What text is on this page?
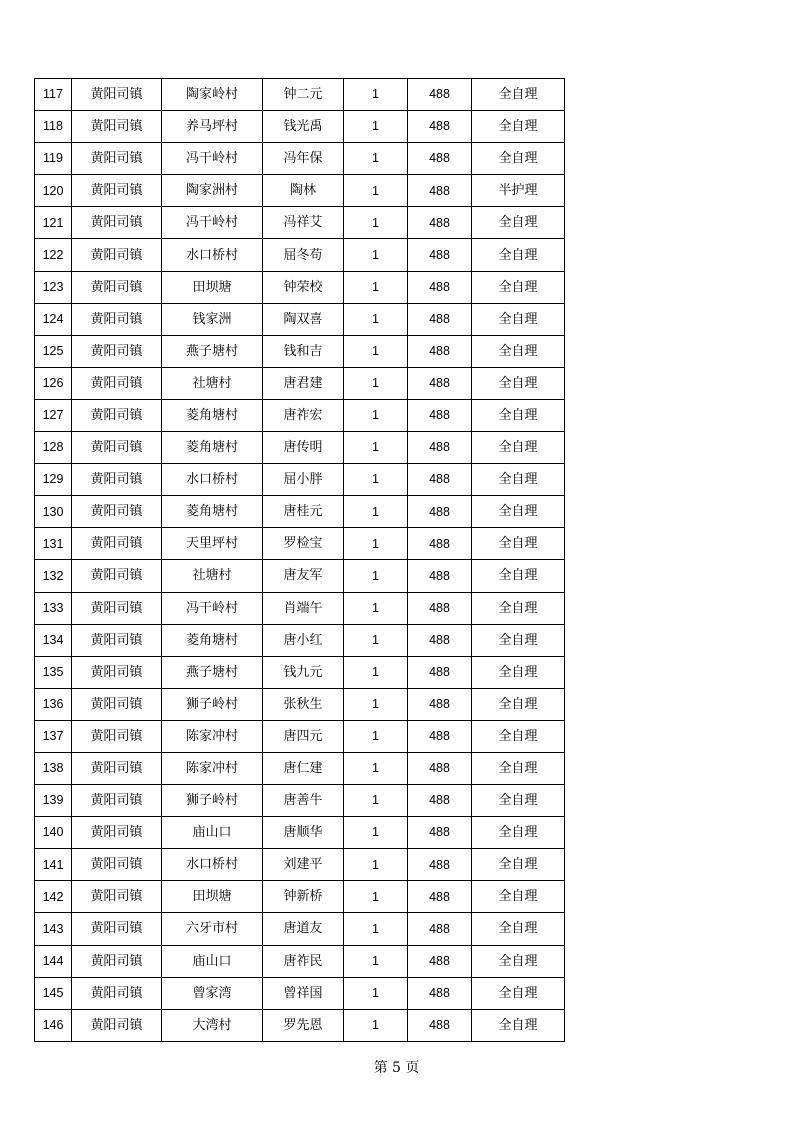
117	黄阳司镇	陶家岭村	钟二元	1	488	全自理
118	黄阳司镇	养马坪村	钱光禹	1	488	全自理
119	黄阳司镇	冯干岭村	冯年保	1	488	全自理
120	黄阳司镇	陶家洲村	陶林	1	488	半护理
121	黄阳司镇	冯干岭村	冯祥艾	1	488	全自理
122	黄阳司镇	水口桥村	屈冬苟	1	488	全自理
123	黄阳司镇	田坝塘	钟荣校	1	488	全自理
124	黄阳司镇	钱家洲	陶双喜	1	488	全自理
125	黄阳司镇	燕子塘村	钱和吉	1	488	全自理
126	黄阳司镇	社塘村	唐君建	1	488	全自理
127	黄阳司镇	菱角塘村	唐祚宏	1	488	全自理
128	黄阳司镇	菱角塘村	唐传明	1	488	全自理
129	黄阳司镇	水口桥村	屈小胖	1	488	全自理
130	黄阳司镇	菱角塘村	唐桂元	1	488	全自理
131	黄阳司镇	天里坪村	罗检宝	1	488	全自理
132	黄阳司镇	社塘村	唐友军	1	488	全自理
133	黄阳司镇	冯干岭村	肖端午	1	488	全自理
134	黄阳司镇	菱角塘村	唐小红	1	488	全自理
135	黄阳司镇	燕子塘村	钱九元	1	488	全自理
136	黄阳司镇	狮子岭村	张秋生	1	488	全自理
137	黄阳司镇	陈家冲村	唐四元	1	488	全自理
138	黄阳司镇	陈家冲村	唐仁建	1	488	全自理
139	黄阳司镇	狮子岭村	唐善牛	1	488	全自理
140	黄阳司镇	庙山口	唐顺华	1	488	全自理
141	黄阳司镇	水口桥村	刘建平	1	488	全自理
142	黄阳司镇	田坝塘	钟新桥	1	488	全自理
143	黄阳司镇	六牙市村	唐道友	1	488	全自理
144	黄阳司镇	庙山口	唐祚民	1	488	全自理
145	黄阳司镇	曾家湾	曾祥国	1	488	全自理
146	黄阳司镇	大湾村	罗先恩	1	488	全自理
第 5 页
